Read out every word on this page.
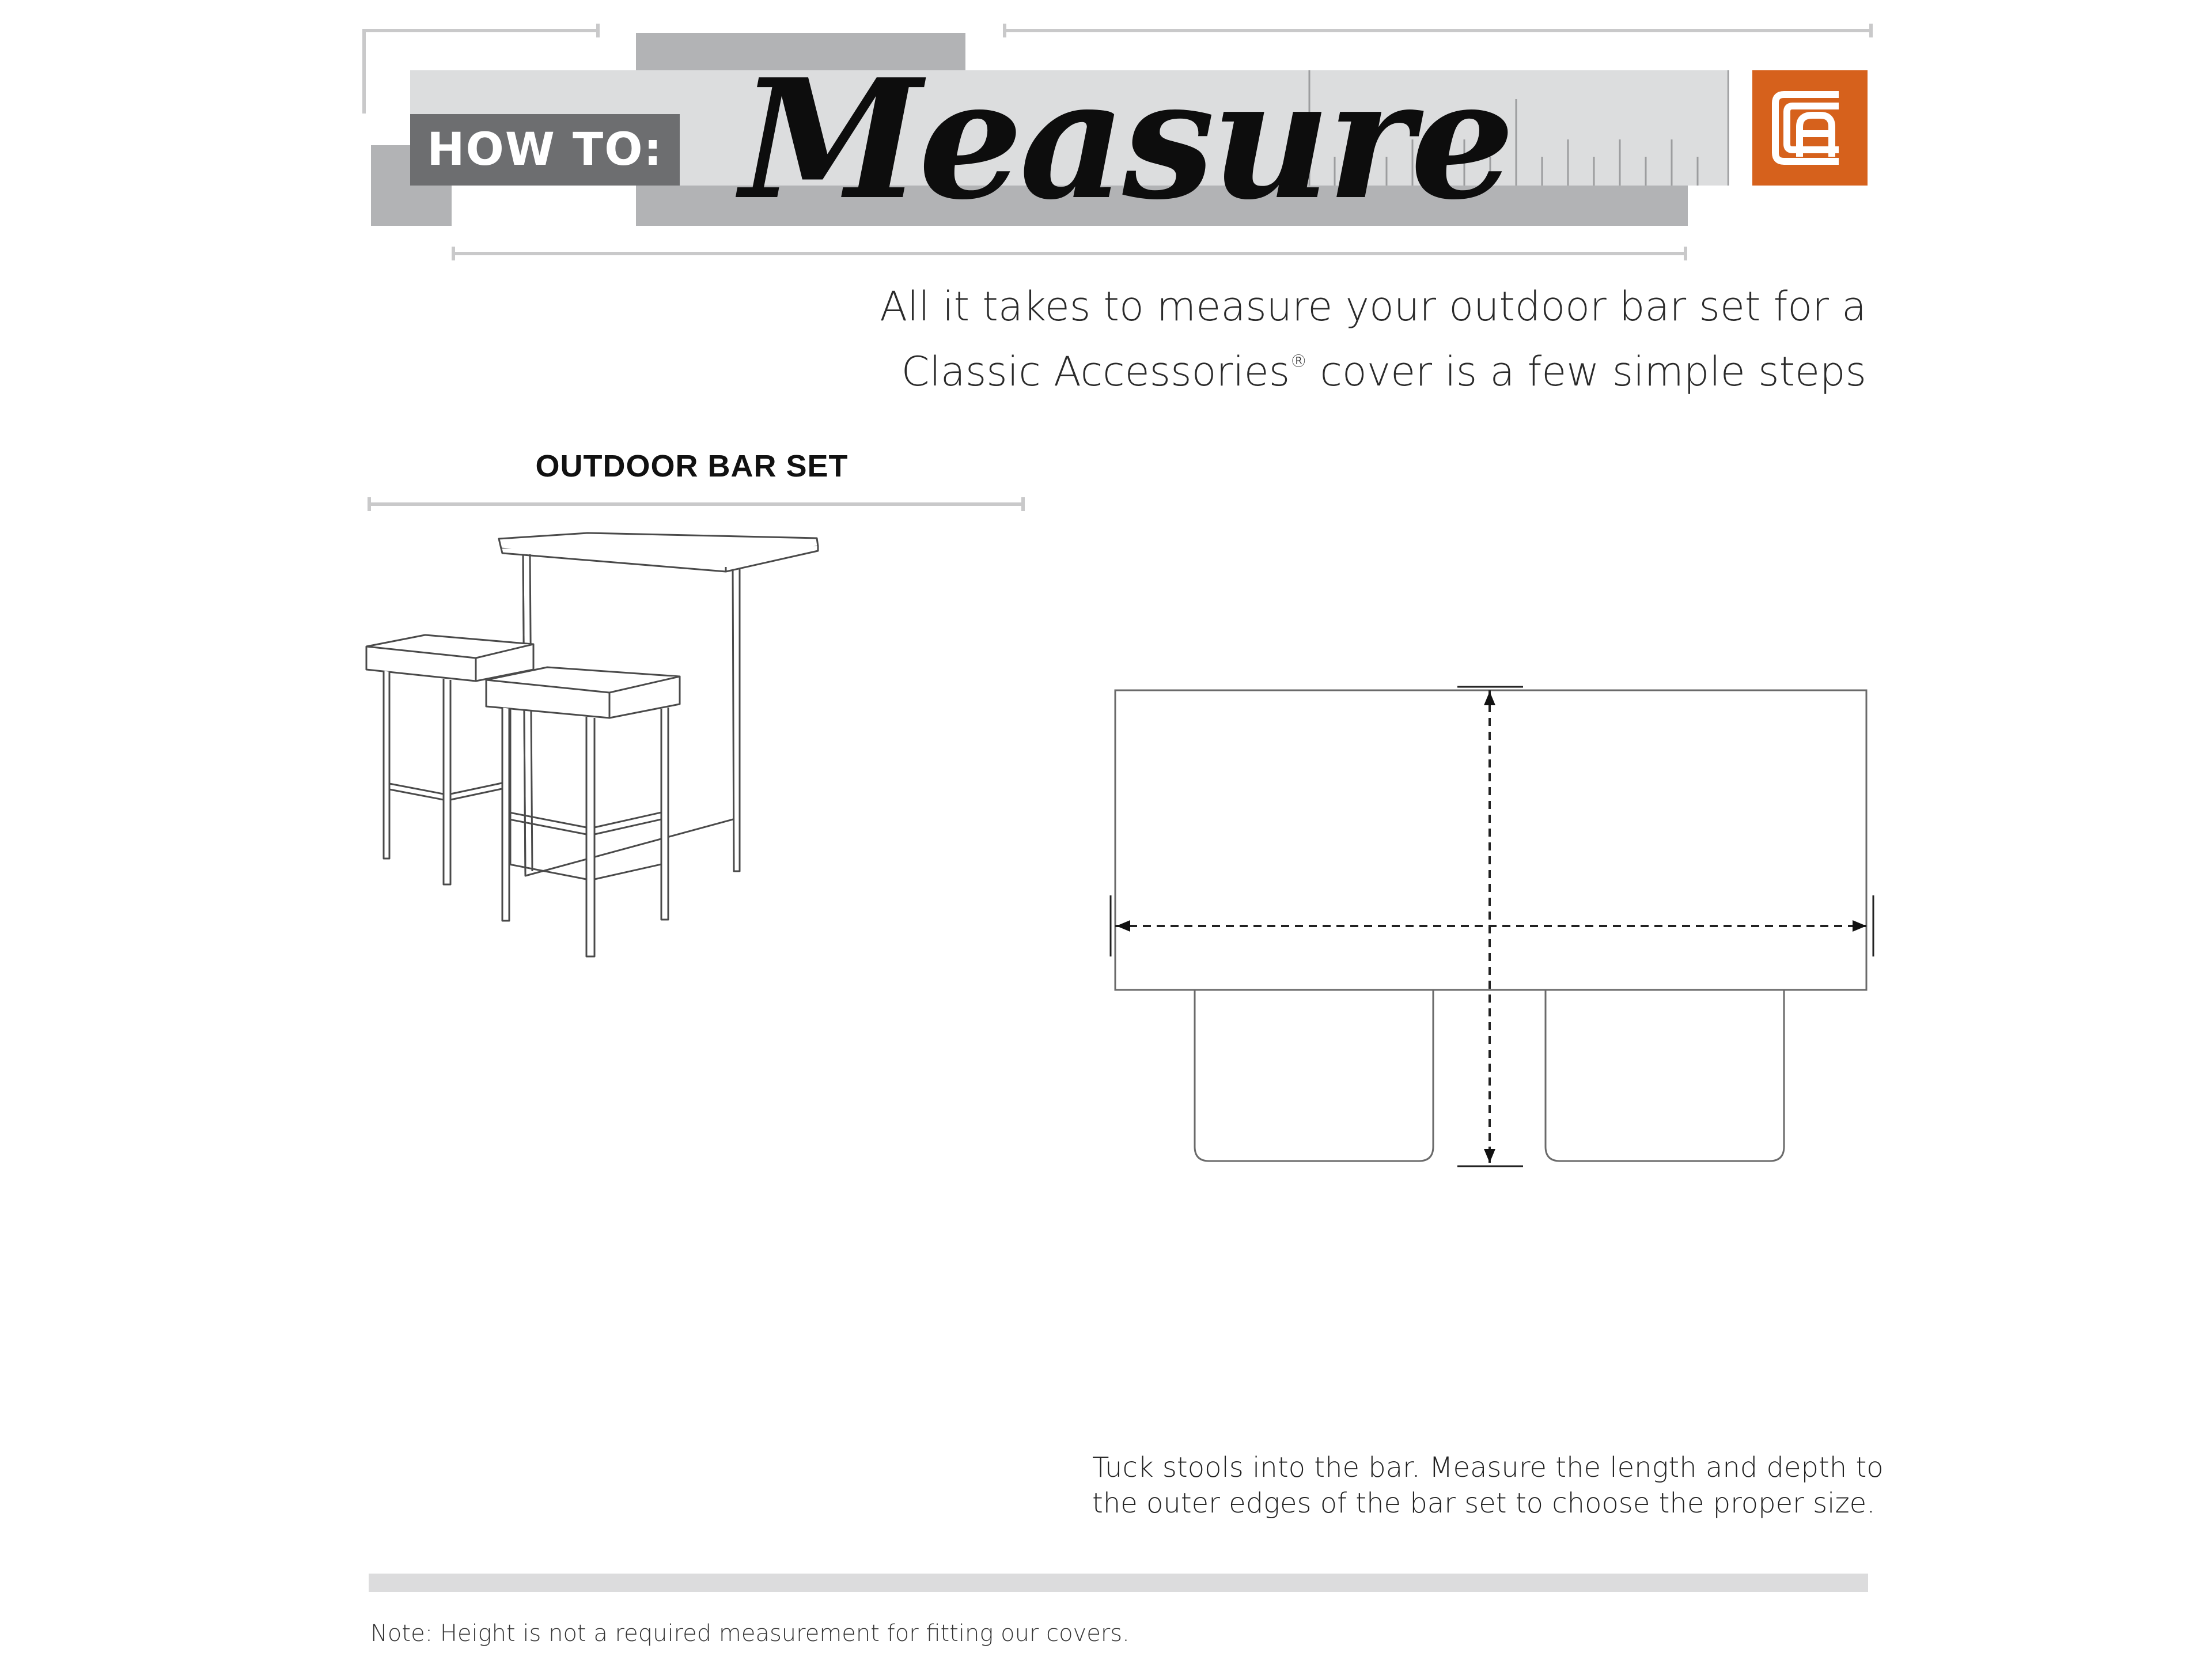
HOW TO: Measure
All it takes to measure your outdoor bar set for a
Classic Accessories® cover is a few simple steps
OUTDOOR BAR SET
Tuck stools into the bar. Measure the length and depth to
the outer edges of the bar set to choose the proper size.
Note: Height is not a required measurement for fitting our covers.
